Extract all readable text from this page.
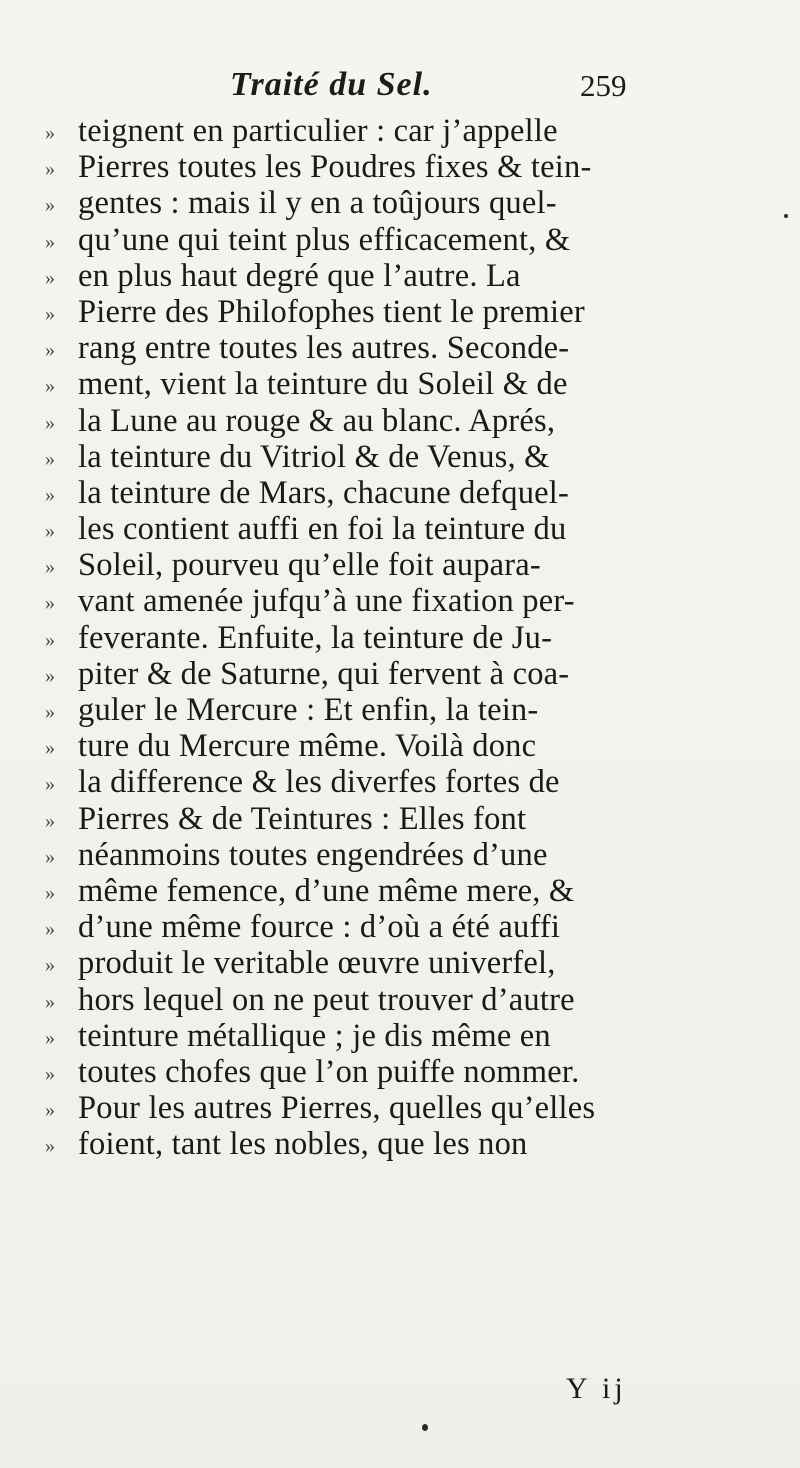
Traité du Sel.	259
» teignent en particulier : car j’appelle
» Pierres toutes les Poudres fixes & tein-
» gentes : mais il y en a toûjours quel-
» qu’une qui teint plus efficacement, &
» en plus haut degré que l’autre. La
» Pierre des Philofophes tient le premier
» rang entre toutes les autres. Seconde-
» ment, vient la teinture du Soleil & de
» la Lune au rouge & au blanc. Aprés,
» la teinture du Vitriol & de Venus, &
» la teinture de Mars, chacune defquel-
» les contient auffi en foi la teinture du
» Soleil, pourveu qu’elle foit aupara-
» vant amenée jufqu’à une fixation per-
» feverante. Enfuite, la teinture de Ju-
» piter & de Saturne, qui fervent à coa-
» guler le Mercure : Et enfin, la tein-
» ture du Mercure même. Voilà donc
» la difference & les diverfes fortes de
» Pierres & de Teintures : Elles font
» néanmoins toutes engendrées d’une
» même femence, d’une même mere, &
» d’une même fource : d’où a été auffi
» produit le veritable œuvre univerfel,
» hors lequel on ne peut trouver d’autre
» teinture métallique ; je dis même en
» toutes chofes que l’on puiffe nommer.
» Pour les autres Pierres, quelles qu’elles
» foient, tant les nobles, que les non
Y ij
